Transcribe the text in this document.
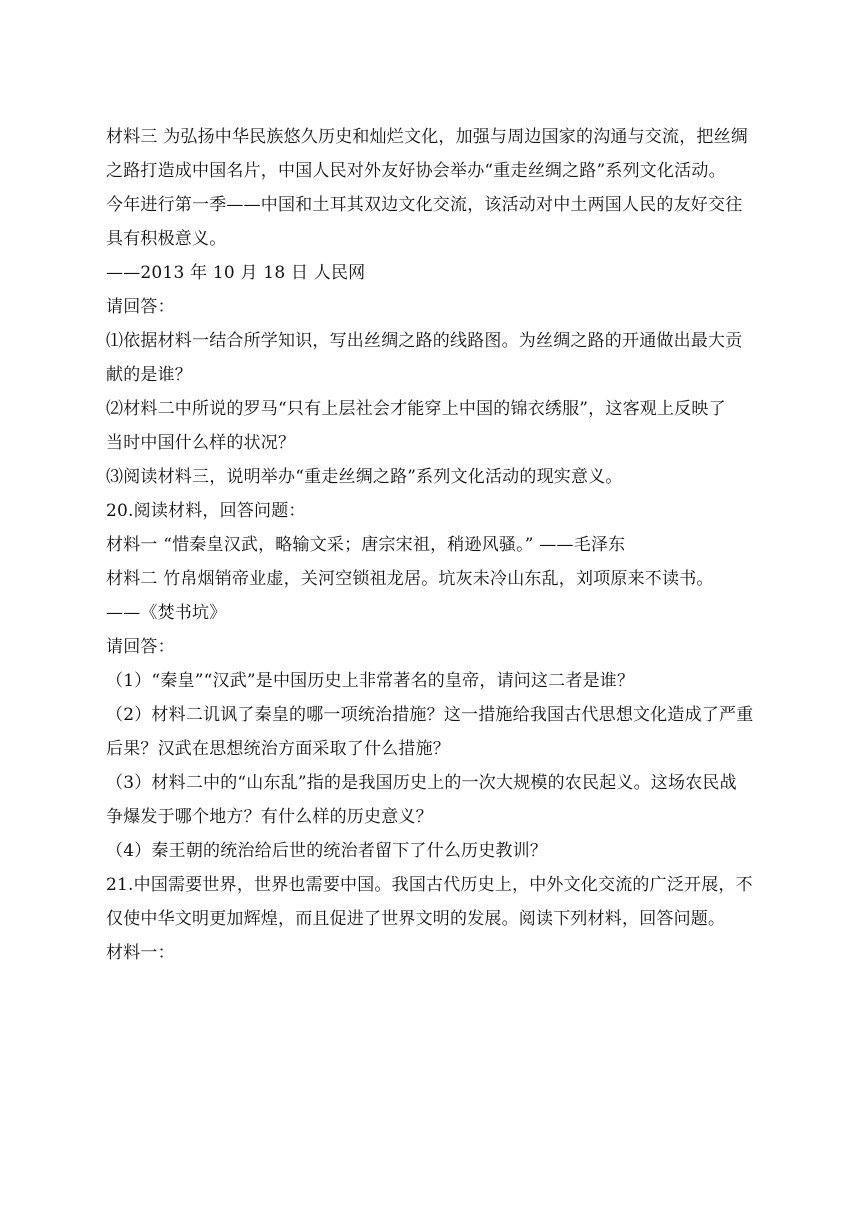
材料三 为弘扬中华民族悠久历史和灿烂文化，加强与周边国家的沟通与交流，把丝绸
之路打造成中国名片，中国人民对外友好协会举办“重走丝绸之路”系列文化活动。
今年进行第一季——中国和土耳其双边文化交流，该活动对中土两国人民的友好交往
具有积极意义。
——2013 年 10 月 18 日 人民网
请回答：
⑴依据材料一结合所学知识，写出丝绸之路的线路图。为丝绸之路的开通做出最大贡
献的是谁？
⑵材料二中所说的罗马“只有上层社会才能穿上中国的锦衣绣服”，这客观上反映了
当时中国什么样的状况？
⑶阅读材料三，说明举办“重走丝绸之路”系列文化活动的现实意义。
20.阅读材料，回答问题：
材料一 “惜秦皇汉武，略输文采；唐宗宋祖，稍逊风骚。” ——毛泽东
材料二 竹帛烟销帝业虚，关河空锁祖龙居。坑灰未冷山东乱，刘项原来不读书。
——《焚书坑》
请回答：
（1）“秦皇”“汉武”是中国历史上非常著名的皇帝，请问这二者是谁？
（2）材料二讥讽了秦皇的哪一项统治措施？这一措施给我国古代思想文化造成了严重
后果？汉武在思想统治方面采取了什么措施？
（3）材料二中的“山东乱”指的是我国历史上的一次大规模的农民起义。这场农民战
争爆发于哪个地方？有什么样的历史意义？
（4）秦王朝的统治给后世的统治者留下了什么历史教训？
21.中国需要世界，世界也需要中国。我国古代历史上，中外文化交流的广泛开展，不
仅使中华文明更加辉煌，而且促进了世界文明的发展。阅读下列材料，回答问题。
材料一：
